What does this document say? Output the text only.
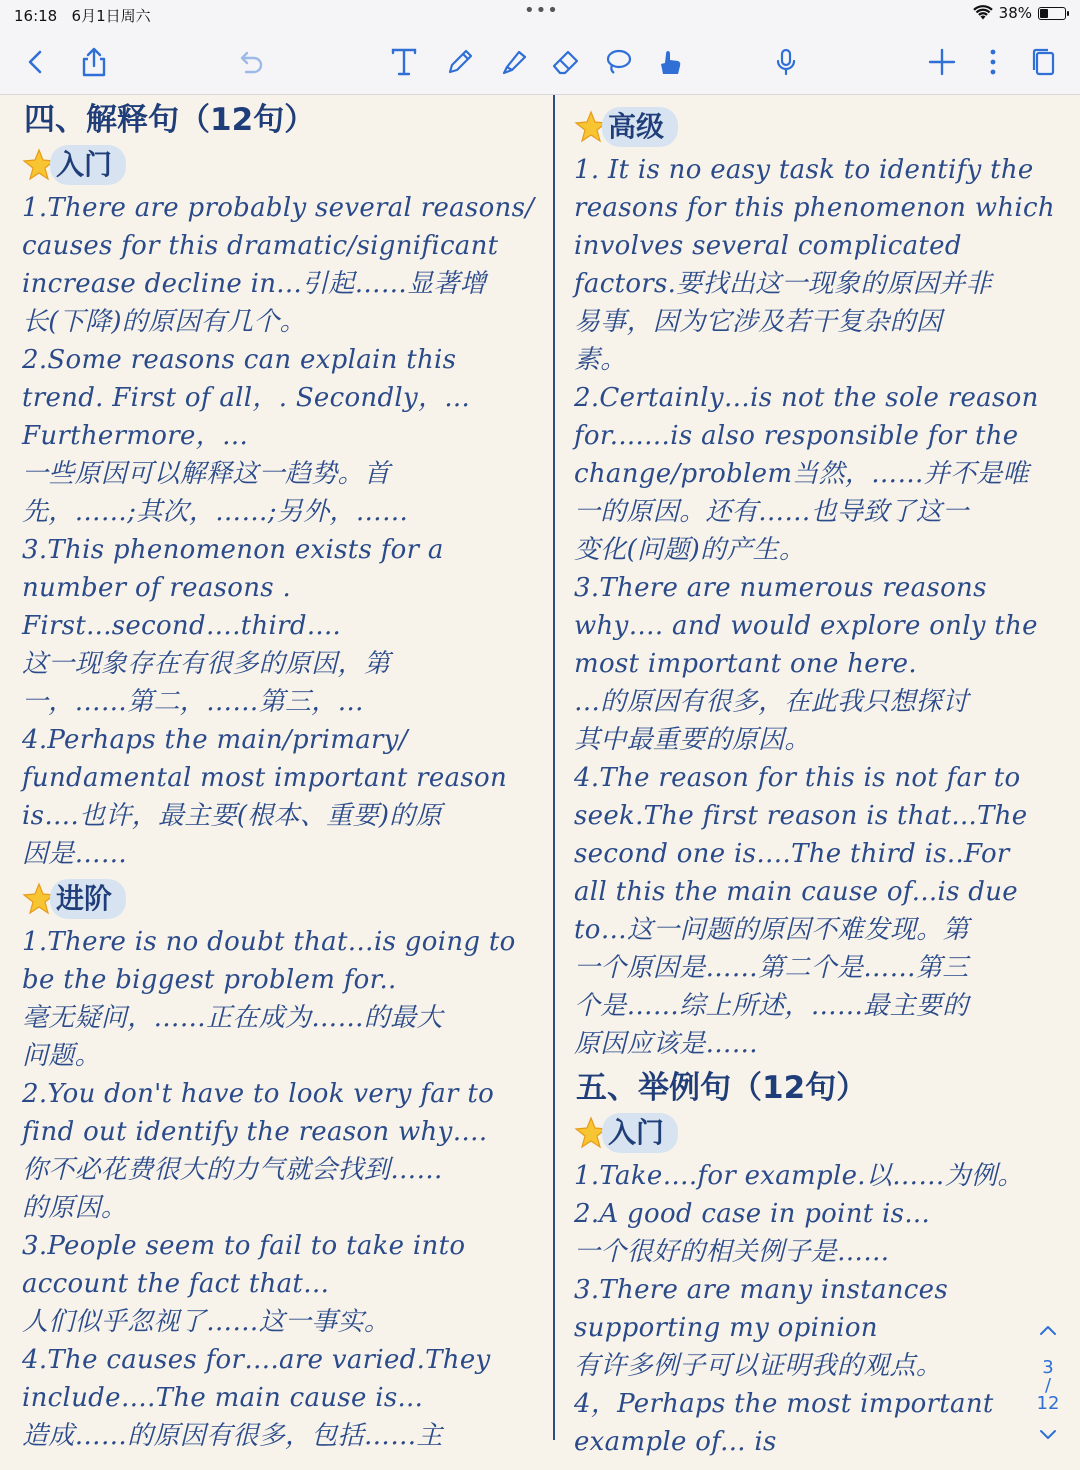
16:18 6月1日周六	•••	38%
四、解释句（12句）
入门
1.There are probably several reasons/
causes for this dramatic/significant
increase decline in...引起……显著增
长(下降)的原因有几个。
2.Some reasons can explain this
trend. First of all，. Secondly，...
Furthermore，…
一些原因可以解释这一趋势。首
先，……;其次，……;另外，……
3.This phenomenon exists for a
number of reasons .
First...second….third....
这一现象存在有很多的原因，第
一，……第二，……第三，…
4.Perhaps the main/primary/
fundamental most important reason
is….也许，最主要(根本、重要)的原
因是……
进阶
1.There is no doubt that…is going to
be the biggest problem for..
毫无疑问，……正在成为……的最大
问题。
2.You don't have to look very far to
find out identify the reason why….
你不必花费很大的力气就会找到……
的原因。
3.People seem to fail to take into
account the fact that…
人们似乎忽视了……这一事实。
4.The causes for….are varied.They
include….The main cause is...
造成……的原因有很多，包括……主
高级
1. It is no easy task to identify the
reasons for this phenomenon which
involves several complicated
factors.要找出这一现象的原因并非
易事，因为它涉及若干复杂的因
素。
2.Certainly…is not the sole reason
for....…is also responsible for the
change/problem当然，……并不是唯
一的原因。还有……也导致了这一
变化(问题)的产生。
3.There are numerous reasons
why…. and would explore only the
most important one here.
…的原因有很多，在此我只想探讨
其中最重要的原因。
4.The reason for this is not far to
seek.The first reason is that...The
second one is….The third is..For
all this the main cause of...is due
to…这一问题的原因不难发现。第
一个原因是……第二个是……第三
个是……综上所述，……最主要的
原因应该是……
五、举例句（12句）
入门
1.Take….for example.以……为例。
2.A good case in point is...
一个很好的相关例子是……
3.There are many instances
supporting my opinion
有许多例子可以证明我的观点。
4，Perhaps the most important
example of... is
3
/
12
